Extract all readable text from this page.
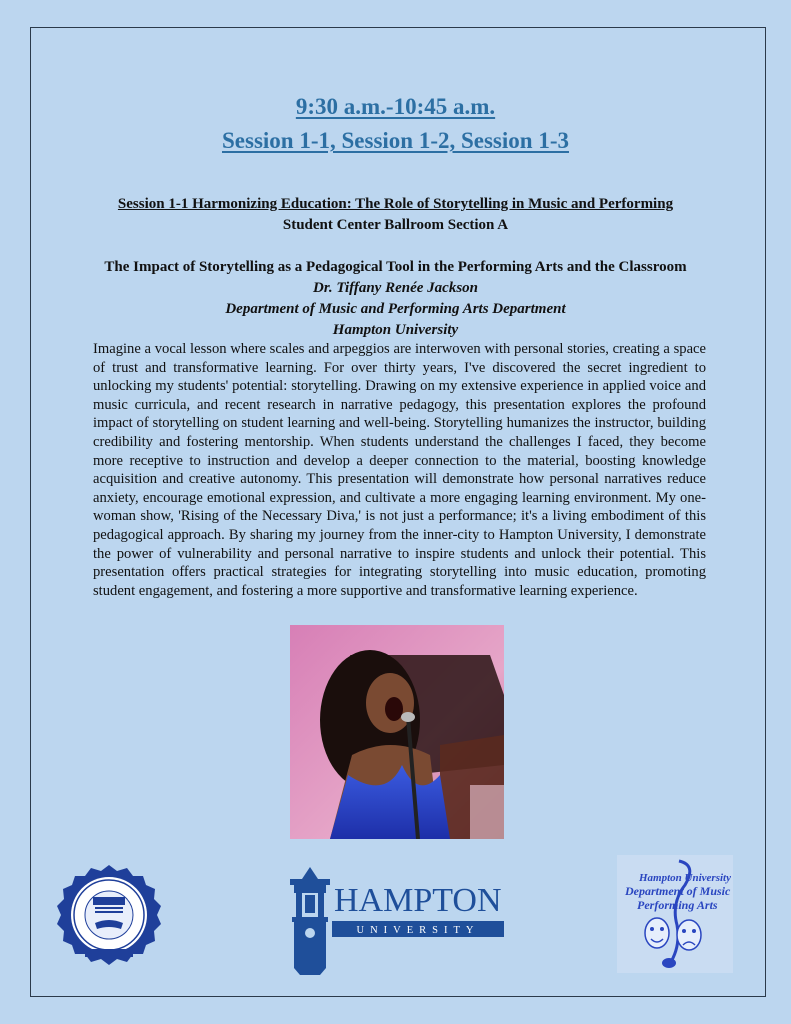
9:30 a.m.-10:45 a.m.
Session 1-1, Session 1-2, Session 1-3
Session 1-1 Harmonizing Education: The Role of Storytelling in Music and Performing
Student Center Ballroom Section A
The Impact of Storytelling as a Pedagogical Tool in the Performing Arts and the Classroom
Dr. Tiffany Renée Jackson
Department of Music and Performing Arts Department
Hampton University
Imagine a vocal lesson where scales and arpeggios are interwoven with personal stories, creating a space of trust and transformative learning. For over thirty years, I've discovered the secret ingredient to unlocking my students' potential: storytelling. Drawing on my extensive experience in applied voice and music curricula, and recent research in narrative pedagogy, this presentation explores the profound impact of storytelling on student learning and well-being. Storytelling humanizes the instructor, building credibility and fostering mentorship. When students understand the challenges I faced, they become more receptive to instruction and develop a deeper connection to the material, boosting knowledge acquisition and creative autonomy. This presentation will demonstrate how personal narratives reduce anxiety, encourage emotional expression, and cultivate a more engaging learning environment. My one-woman show, 'Rising of the Necessary Diva,' is not just a performance; it's a living embodiment of this pedagogical approach. By sharing my journey from the inner-city to Hampton University, I demonstrate the power of vulnerability and personal narrative to inspire students and unlock their potential. This presentation offers practical strategies for integrating storytelling into music education, promoting student engagement, and fostering a more supportive and transformative learning experience.
HAMPTON
UNIVERSITY
Hampton University
Department of Music &
Performing Arts
